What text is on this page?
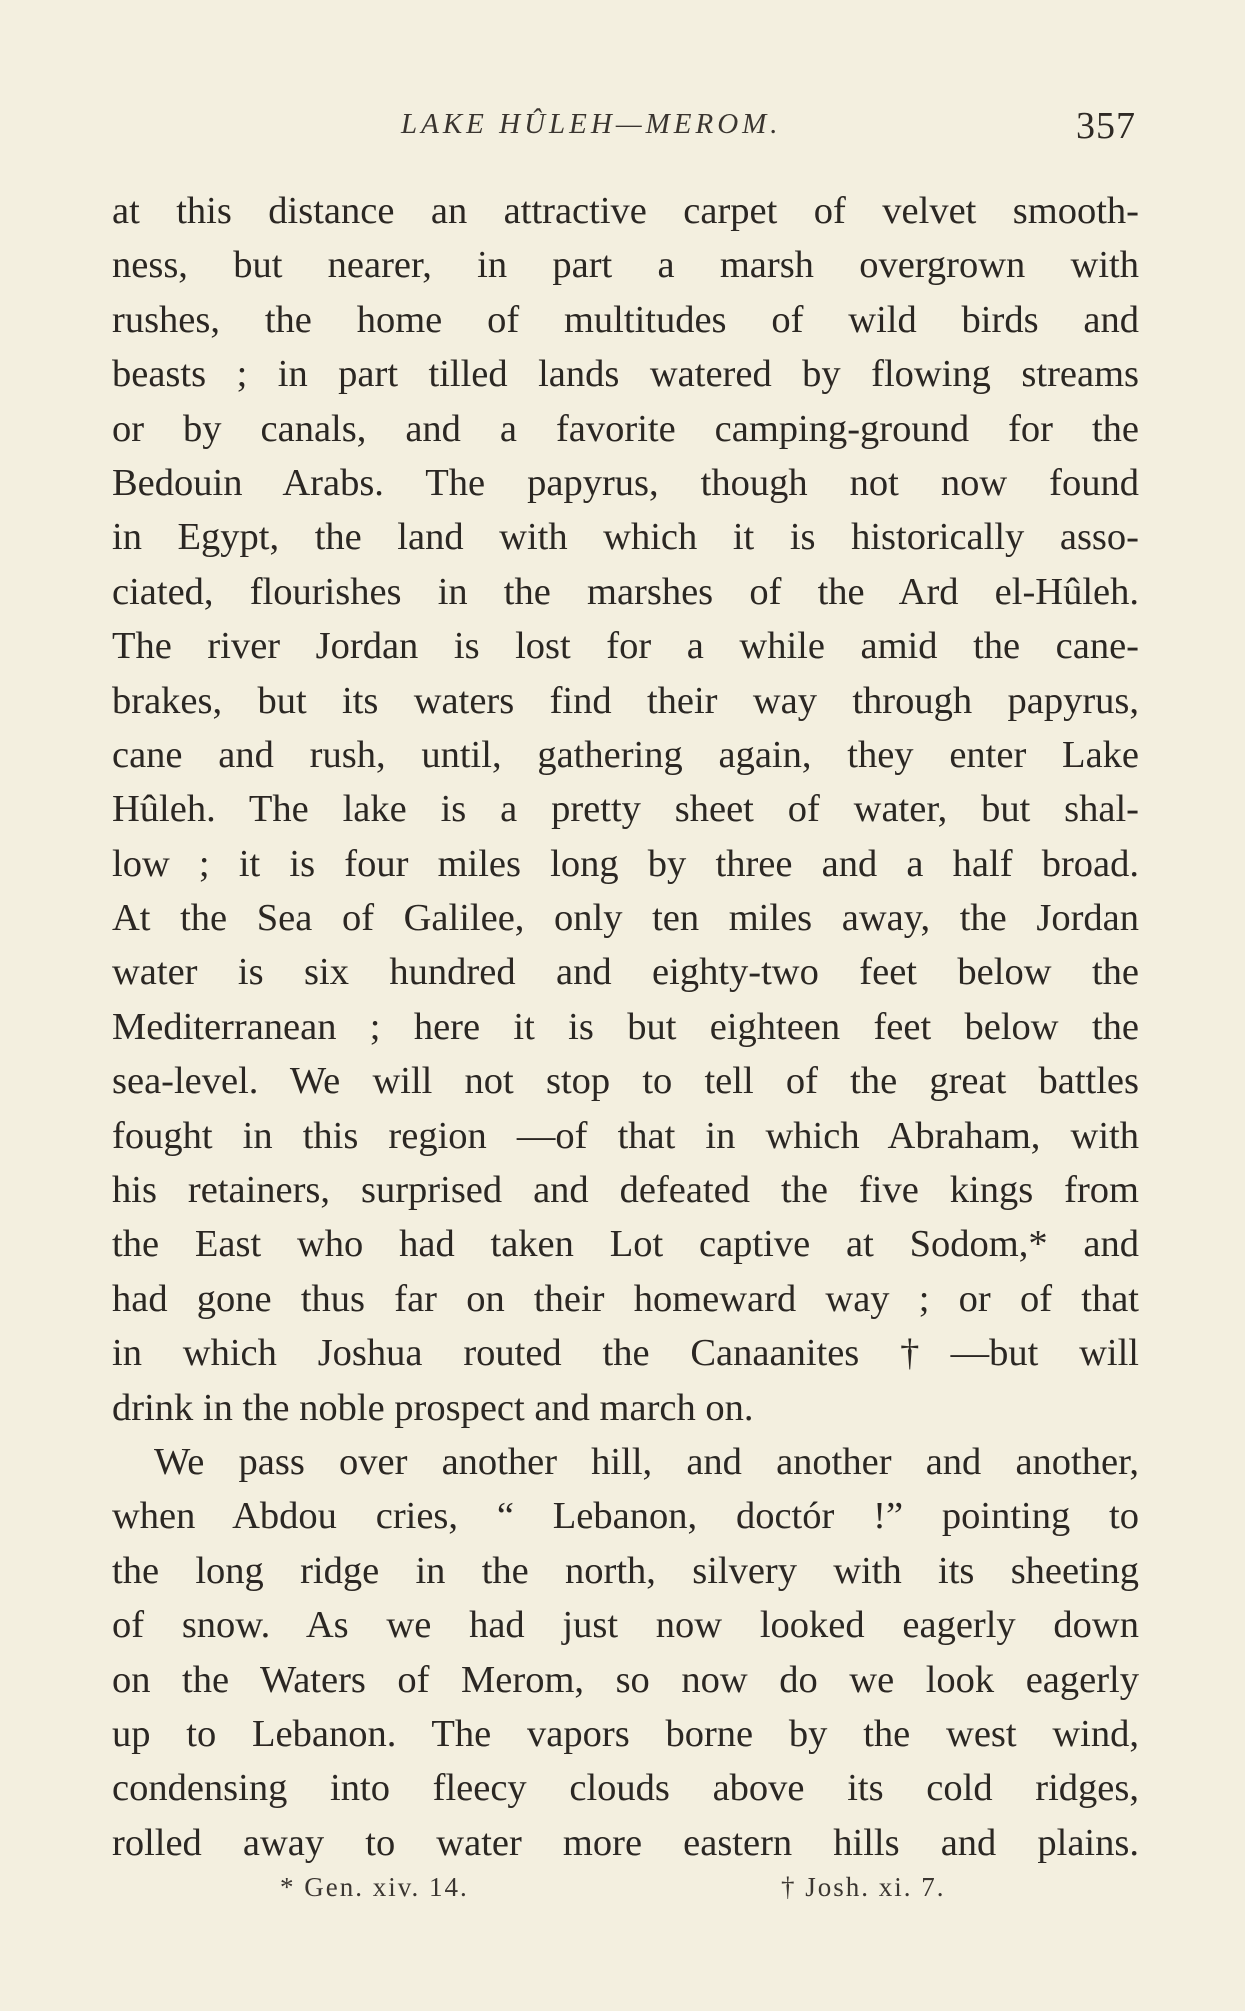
LAKE HÛLEH—MEROM.	357
at this distance an attractive carpet of velvet smooth-
ness, but nearer, in part a marsh overgrown with
rushes, the home of multitudes of wild birds and
beasts ; in part tilled lands watered by flowing streams
or by canals, and a favorite camping-ground for the
Bedouin Arabs. The papyrus, though not now found
in Egypt, the land with which it is historically asso-
ciated, flourishes in the marshes of the Ard el-Hûleh.
The river Jordan is lost for a while amid the cane-
brakes, but its waters find their way through papyrus,
cane and rush, until, gathering again, they enter Lake
Hûleh. The lake is a pretty sheet of water, but shal-
low ; it is four miles long by three and a half broad.
At the Sea of Galilee, only ten miles away, the Jordan
water is six hundred and eighty-two feet below the
Mediterranean ; here it is but eighteen feet below the
sea-level. We will not stop to tell of the great battles
fought in this region —of that in which Abraham, with
his retainers, surprised and defeated the five kings from
the East who had taken Lot captive at Sodom,* and
had gone thus far on their homeward way ; or of that
in which Joshua routed the Canaanites †—but will
drink in the noble prospect and march on.
We pass over another hill, and another and another,
when Abdou cries, “ Lebanon, doctór !” pointing to
the long ridge in the north, silvery with its sheeting
of snow. As we had just now looked eagerly down
on the Waters of Merom, so now do we look eagerly
up to Lebanon. The vapors borne by the west wind,
condensing into fleecy clouds above its cold ridges,
rolled away to water more eastern hills and plains.
* Gen. xiv. 14.	† Josh. xi. 7.
